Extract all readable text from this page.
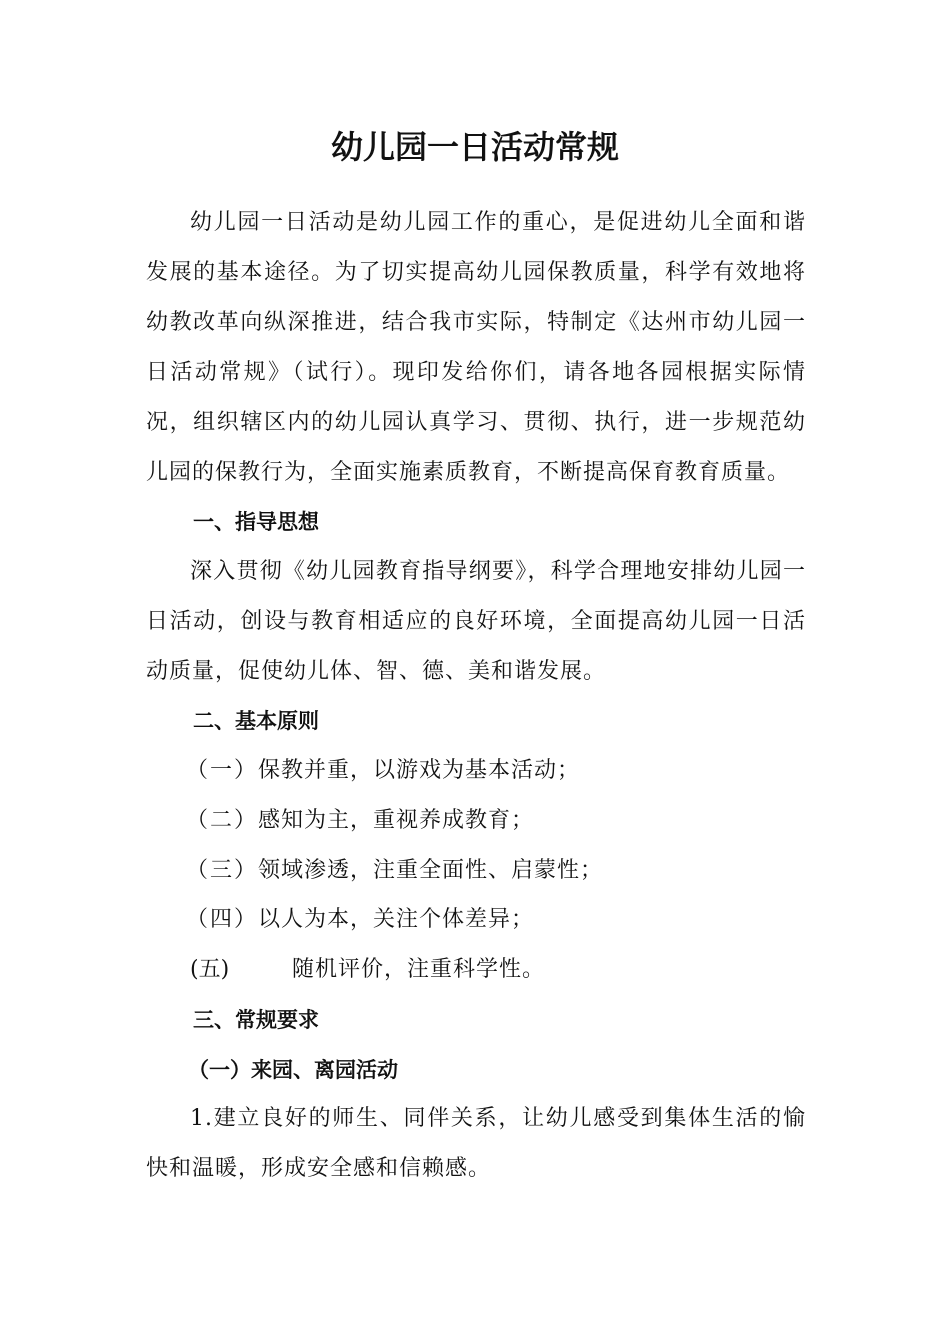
幼儿园一日活动常规

幼儿园一日活动是幼儿园工作的重心，是促进幼儿全面和谐发展的基本途径。为了切实提高幼儿园保教质量，科学有效地将幼教改革向纵深推进，结合我市实际，特制定《达州市幼儿园一日活动常规》（试行）。现印发给你们，请各地各园根据实际情况，组织辖区内的幼儿园认真学习、贯彻、执行，进一步规范幼儿园的保教行为，全面实施素质教育，不断提高保育教育质量。

一、指导思想

深入贯彻《幼儿园教育指导纲要》，科学合理地安排幼儿园一日活动，创设与教育相适应的良好环境，全面提高幼儿园一日活动质量，促使幼儿体、智、德、美和谐发展。

二、基本原则

（一）保教并重，以游戏为基本活动；

（二）感知为主，重视养成教育；

（三）领域渗透，注重全面性、启蒙性；

（四）以人为本，关注个体差异；

(五)	随机评价，注重科学性。

三、常规要求

（一）来园、离园活动

1.建立良好的师生、同伴关系，让幼儿感受到集体生活的愉快和温暖，形成安全感和信赖感。
